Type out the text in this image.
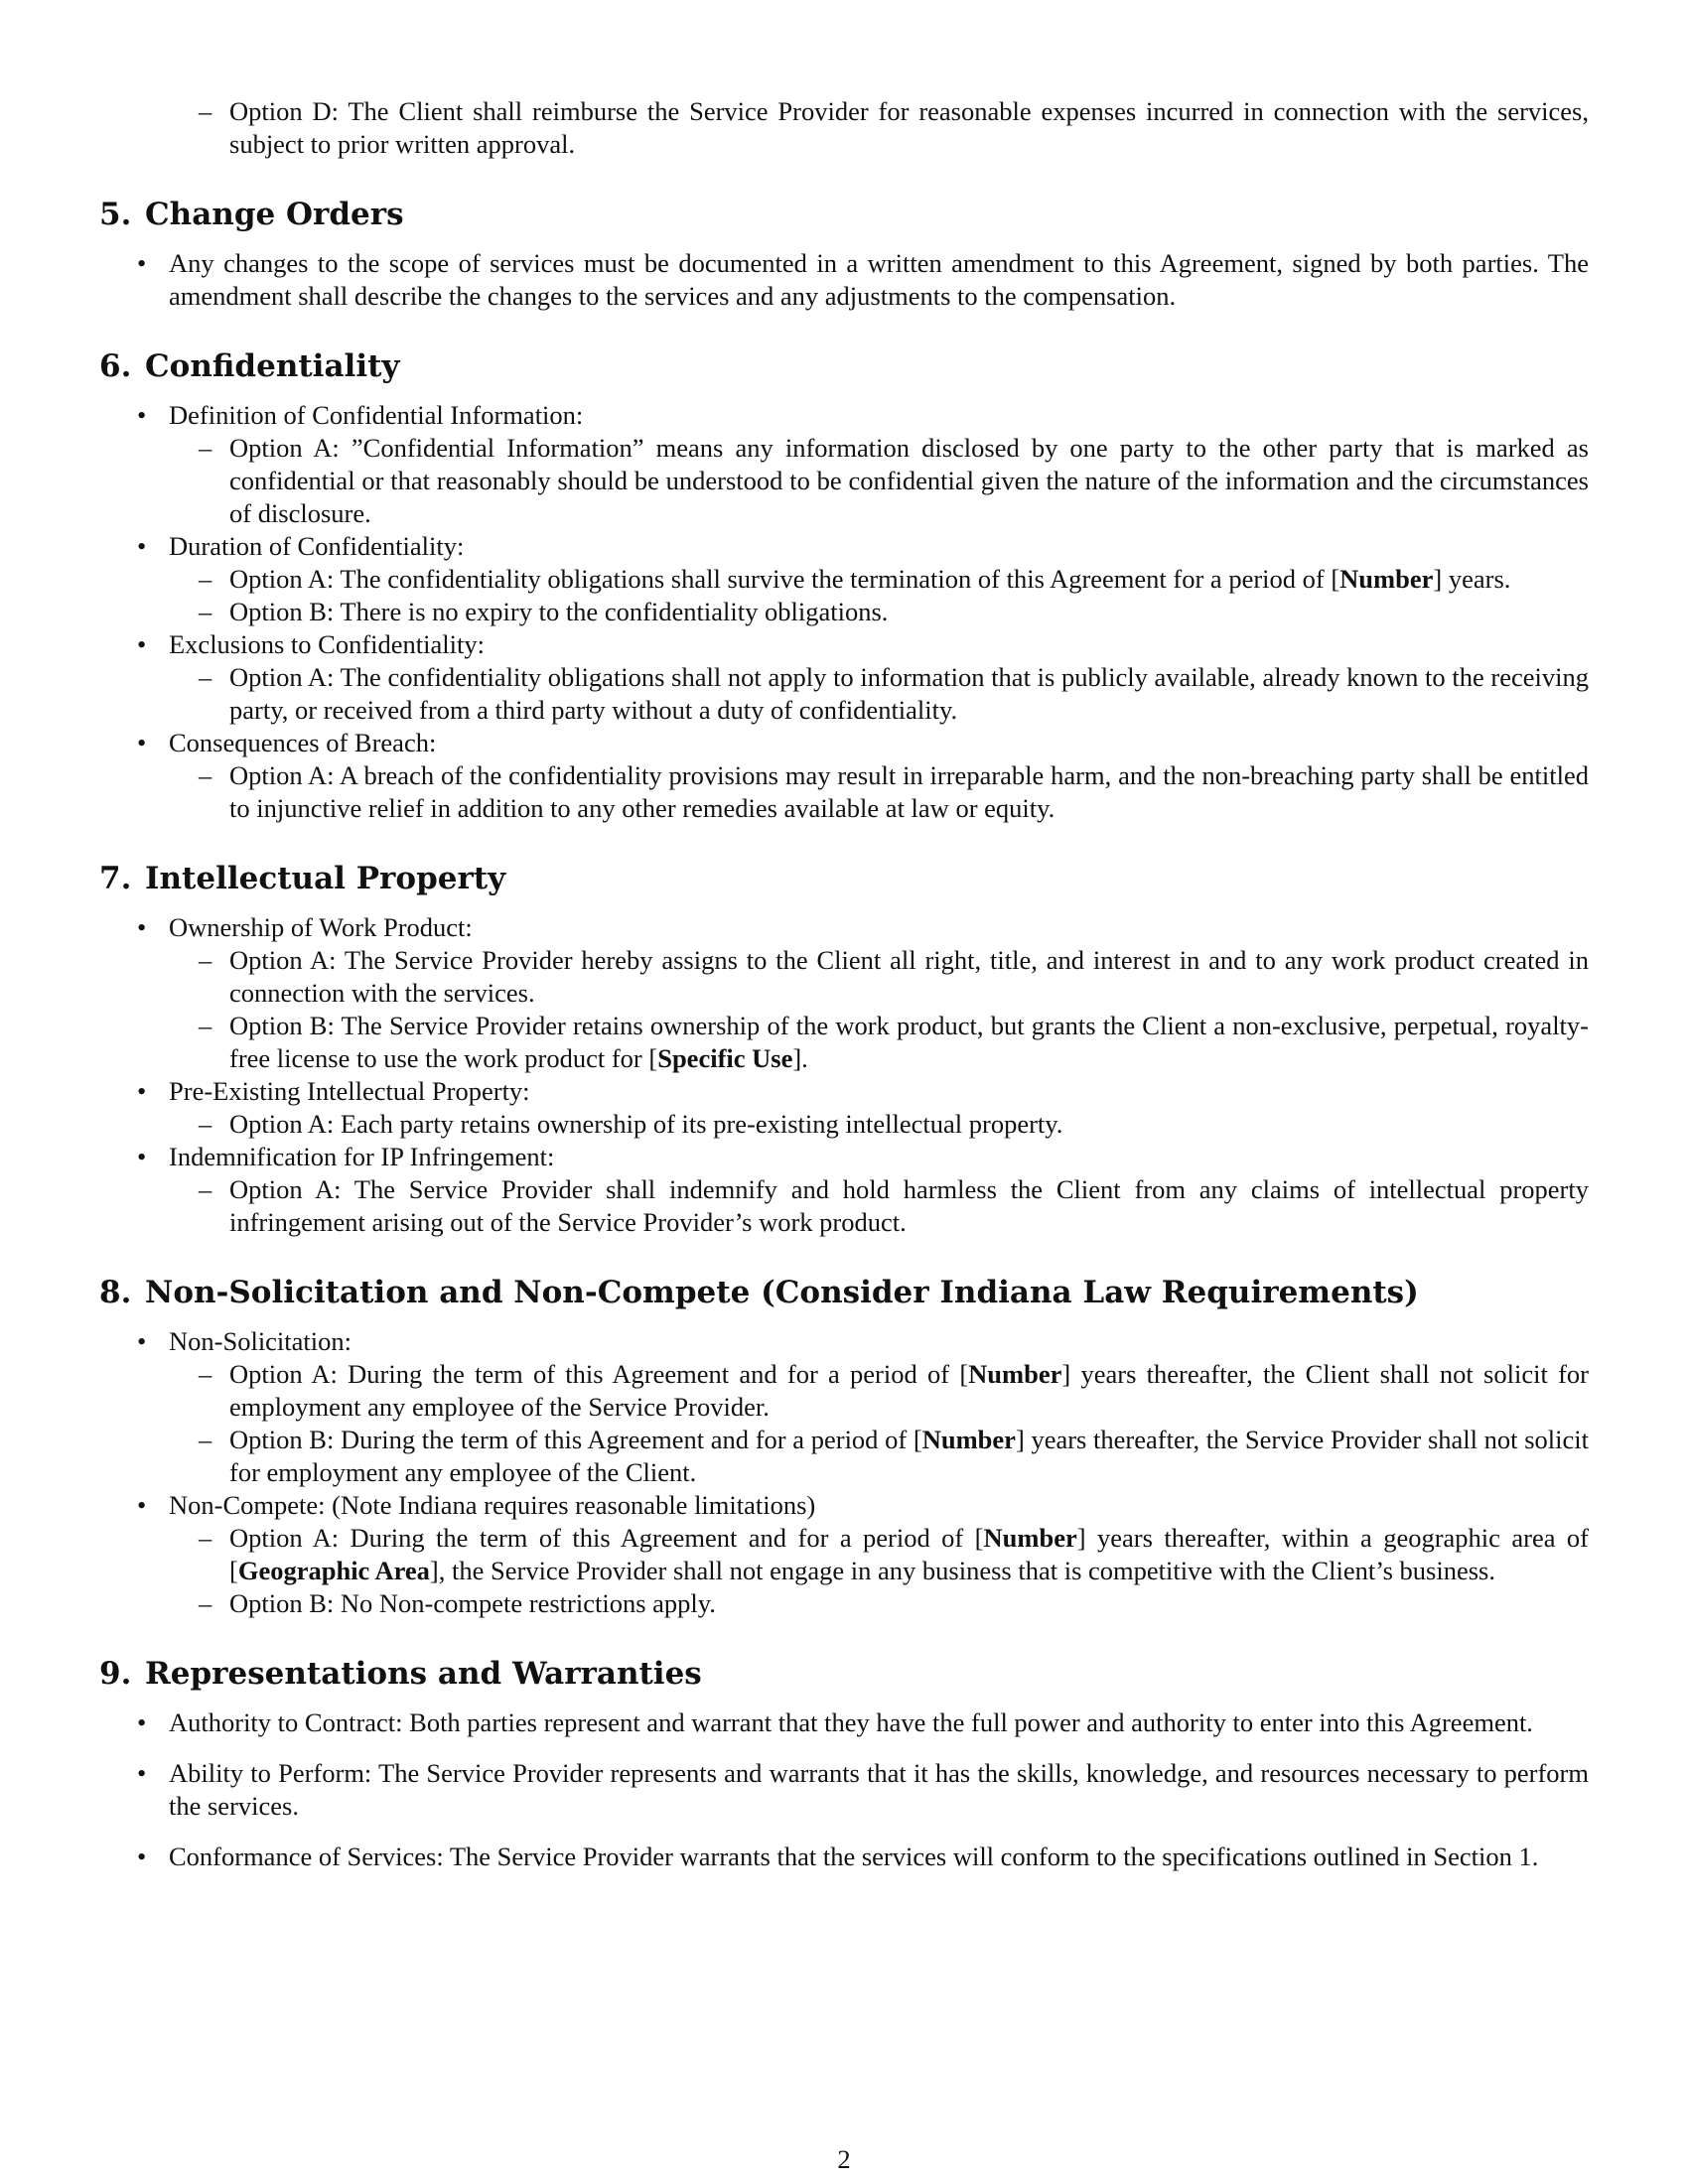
– Option D: The Client shall reimburse the Service Provider for reasonable expenses incurred in connection with the services, subject to prior written approval.
5. Change Orders
• Any changes to the scope of services must be documented in a written amendment to this Agreement, signed by both parties. The amendment shall describe the changes to the services and any adjustments to the compensation.
6. Confidentiality
• Definition of Confidential Information:
– Option A: ”Confidential Information” means any information disclosed by one party to the other party that is marked as confidential or that reasonably should be understood to be confidential given the nature of the information and the circumstances of disclosure.
• Duration of Confidentiality:
– Option A: The confidentiality obligations shall survive the termination of this Agreement for a period of [Number] years.
– Option B: There is no expiry to the confidentiality obligations.
• Exclusions to Confidentiality:
– Option A: The confidentiality obligations shall not apply to information that is publicly available, already known to the receiving party, or received from a third party without a duty of confidentiality.
• Consequences of Breach:
– Option A: A breach of the confidentiality provisions may result in irreparable harm, and the non-breaching party shall be entitled to injunctive relief in addition to any other remedies available at law or equity.
7. Intellectual Property
• Ownership of Work Product:
– Option A: The Service Provider hereby assigns to the Client all right, title, and interest in and to any work product created in connection with the services.
– Option B: The Service Provider retains ownership of the work product, but grants the Client a non-exclusive, perpetual, royalty-free license to use the work product for [Specific Use].
• Pre-Existing Intellectual Property:
– Option A: Each party retains ownership of its pre-existing intellectual property.
• Indemnification for IP Infringement:
– Option A: The Service Provider shall indemnify and hold harmless the Client from any claims of intellectual property infringement arising out of the Service Provider’s work product.
8. Non-Solicitation and Non-Compete (Consider Indiana Law Requirements)
• Non-Solicitation:
– Option A: During the term of this Agreement and for a period of [Number] years thereafter, the Client shall not solicit for employment any employee of the Service Provider.
– Option B: During the term of this Agreement and for a period of [Number] years thereafter, the Service Provider shall not solicit for employment any employee of the Client.
• Non-Compete: (Note Indiana requires reasonable limitations)
– Option A: During the term of this Agreement and for a period of [Number] years thereafter, within a geographic area of [Geographic Area], the Service Provider shall not engage in any business that is competitive with the Client’s business.
– Option B: No Non-compete restrictions apply.
9. Representations and Warranties
• Authority to Contract: Both parties represent and warrant that they have the full power and authority to enter into this Agreement.
• Ability to Perform: The Service Provider represents and warrants that it has the skills, knowledge, and resources necessary to perform the services.
• Conformance of Services: The Service Provider warrants that the services will conform to the specifications outlined in Section 1.
2
